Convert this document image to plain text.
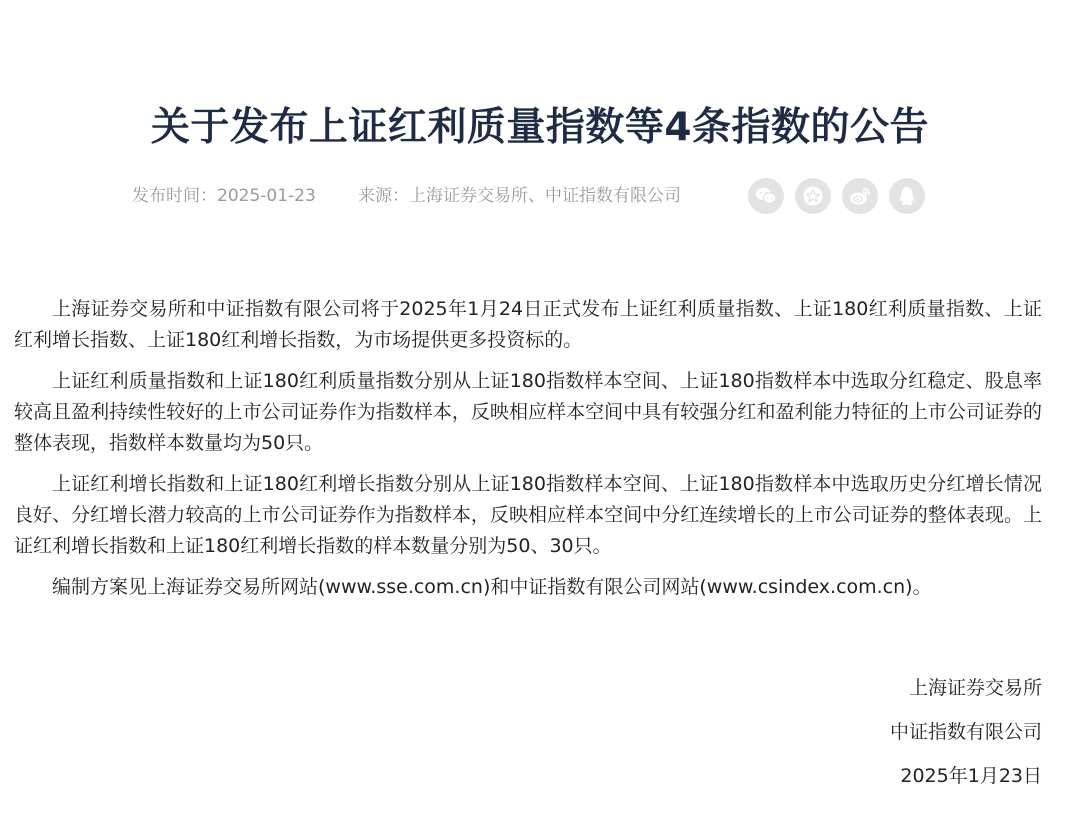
关于发布上证红利质量指数等4条指数的公告
发布时间：2025-01-23 来源：上海证券交易所、中证指数有限公司

上海证券交易所和中证指数有限公司将于2025年1月24日正式发布上证红利质量指数、上证180红利质量指数、上证红利增长指数、上证180红利增长指数，为市场提供更多投资标的。

上证红利质量指数和上证180红利质量指数分别从上证180指数样本空间、上证180指数样本中选取分红稳定、股息率较高且盈利持续性较好的上市公司证券作为指数样本，反映相应样本空间中具有较强分红和盈利能力特征的上市公司证券的整体表现，指数样本数量均为50只。

上证红利增长指数和上证180红利增长指数分别从上证180指数样本空间、上证180指数样本中选取历史分红增长情况良好、分红增长潜力较高的上市公司证券作为指数样本，反映相应样本空间中分红连续增长的上市公司证券的整体表现。上证红利增长指数和上证180红利增长指数的样本数量分别为50、30只。

编制方案见上海证券交易所网站(www.sse.com.cn)和中证指数有限公司网站(www.csindex.com.cn)。

上海证券交易所
中证指数有限公司
2025年1月23日
